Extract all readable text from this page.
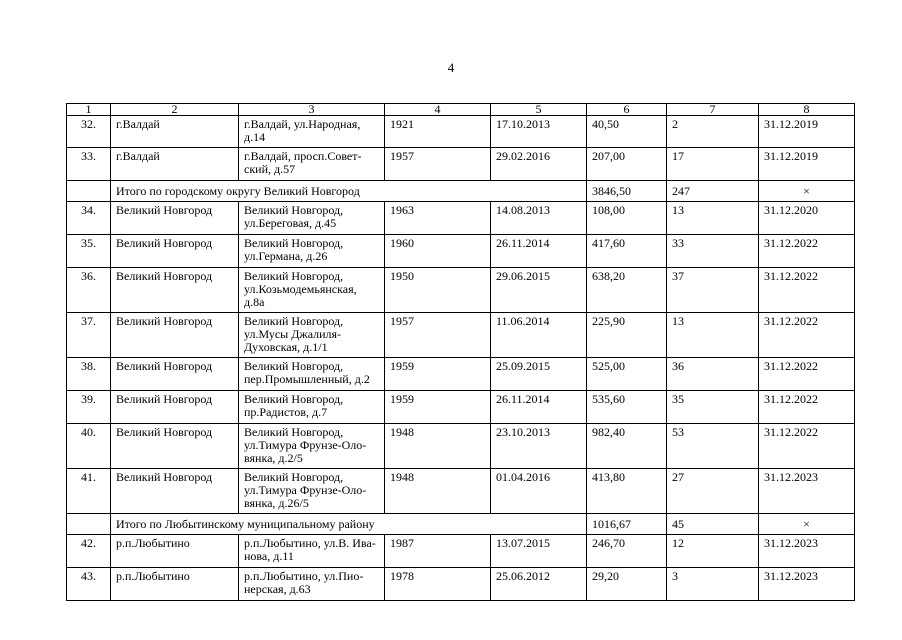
4
1	2	3	4	5	6	7	8
32.	г.Валдай	г.Валдай, ул.Народная, д.14	1921	17.10.2013	40,50	2	31.12.2019
33.	г.Валдай	г.Валдай, просп.Совет-ский, д.57	1957	29.02.2016	207,00	17	31.12.2019
	Итого по городскому округу Великий Новгород				3846,50	247	×
34.	Великий Новгород	Великий Новгород, ул.Береговая, д.45	1963	14.08.2013	108,00	13	31.12.2020
35.	Великий Новгород	Великий Новгород, ул.Германа, д.26	1960	26.11.2014	417,60	33	31.12.2022
36.	Великий Новгород	Великий Новгород, ул.Козьмодемьянская, д.8а	1950	29.06.2015	638,20	37	31.12.2022
37.	Великий Новгород	Великий Новгород, ул.Мусы Джалиля-Духовская, д.1/1	1957	11.06.2014	225,90	13	31.12.2022
38.	Великий Новгород	Великий Новгород, пер.Промышленный, д.2	1959	25.09.2015	525,00	36	31.12.2022
39.	Великий Новгород	Великий Новгород, пр.Радистов, д.7	1959	26.11.2014	535,60	35	31.12.2022
40.	Великий Новгород	Великий Новгород, ул.Тимура Фрунзе-Оло-вянка, д.2/5	1948	23.10.2013	982,40	53	31.12.2022
41.	Великий Новгород	Великий Новгород, ул.Тимура Фрунзе-Оло-вянка, д.26/5	1948	01.04.2016	413,80	27	31.12.2023
	Итого по Любытинскому муниципальному району				1016,67	45	×
42.	р.п.Любытино	р.п.Любытино, ул.В. Ива-нова, д.11	1987	13.07.2015	246,70	12	31.12.2023
43.	р.п.Любытино	р.п.Любытино, ул.Пио-нерская, д.63	1978	25.06.2012	29,20	3	31.12.2023
